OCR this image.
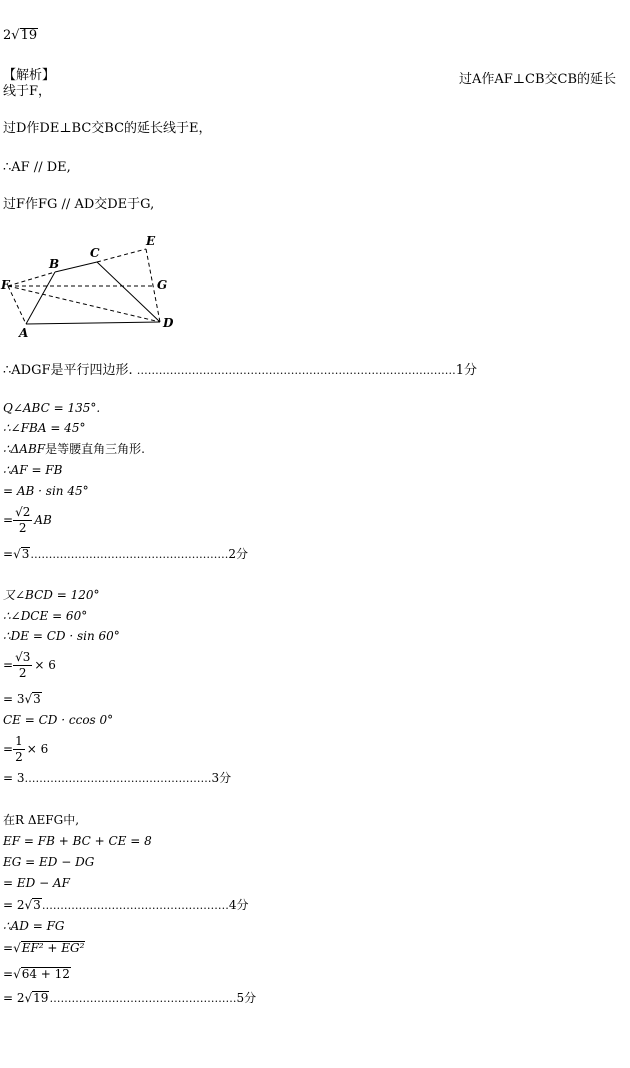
2√19
【解析】	过A作AF⊥CB交CB的延长
线于F，
过D作DE⊥BC交BC的延长线于E，
∴AF // DE,
过F作FG // AD交DE于G,
E
C
B
F	G
A
D
∴ADGF是平行四边形. ……………………………………………………………………………1分
Q∠ABC = 135°.
∴∠FBA = 45°
∴ΔABF是等腰直角三角形.
∴AF = FB
= AB · sin 45°
= $\frac{√2}{2}$ AB
=√3………………………………………………2分
又∠BCD = 120°
∴∠DCE = 60°
∴DE = CD · sin 60°
= $\frac{√3}{2} \times 6$
= 3√3
CE = CD · ccos 0°
= $\frac{1}{2} \times 6$
= 3……………………………………………3分
在R ΔEFG中,
EF = FB + BC + CE = 8
EG = ED − DG
= ED − AF
= 2√3……………………………………………4分
∴AD = FG
=√EF² + EG²
=√64 + 12
= 2√19……………………………………………5分
